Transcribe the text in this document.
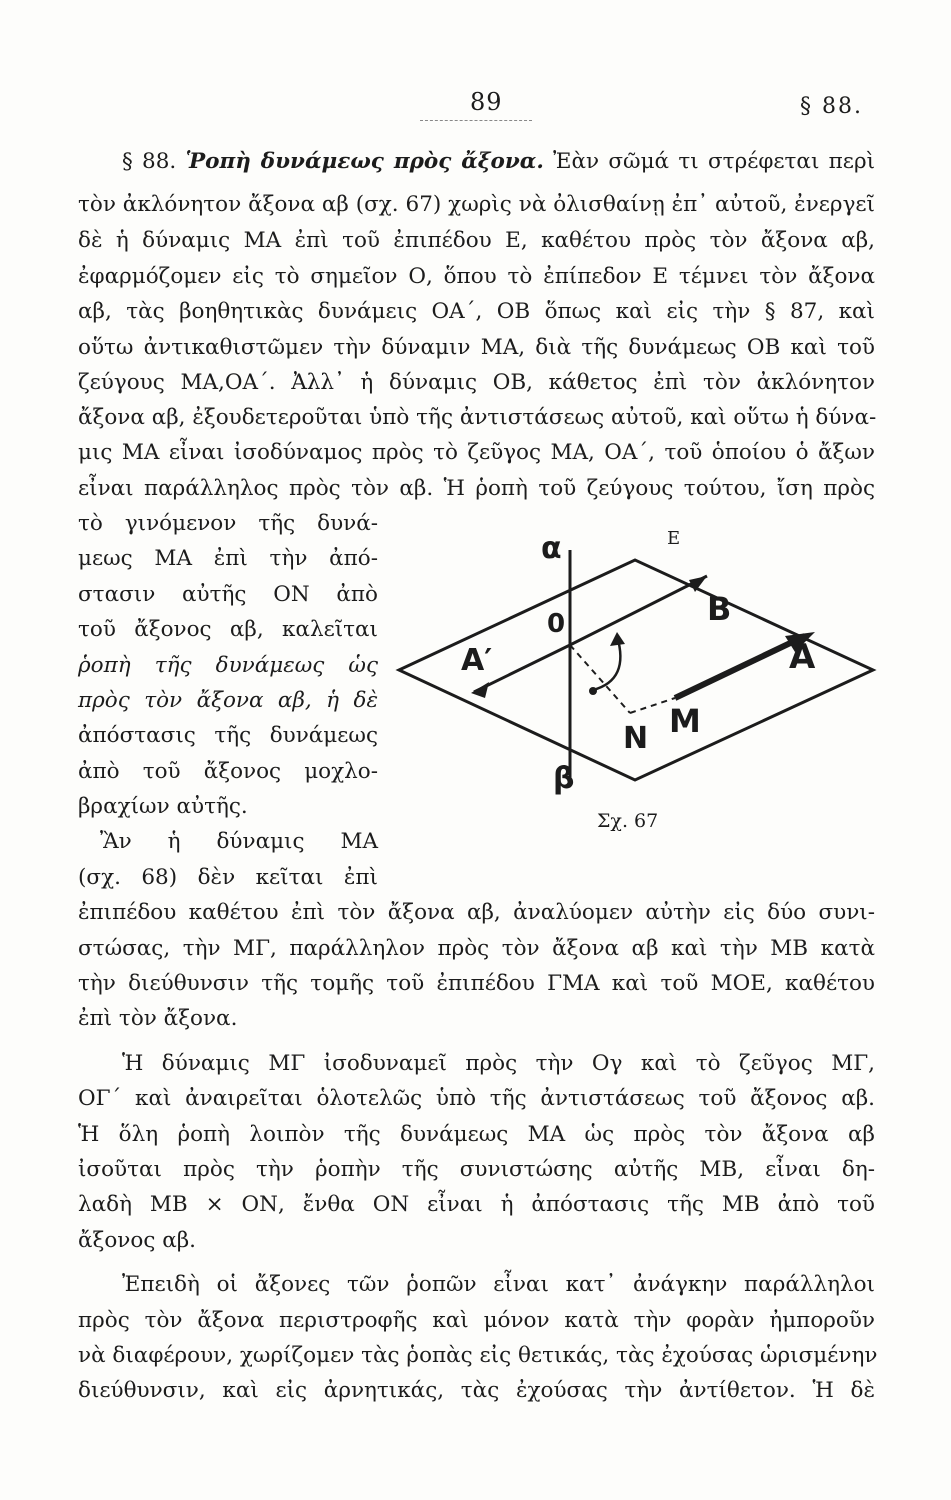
89	§ 88.
§ 88. Ῥοπὴ δυνάμεως πρὸς ἄξονα. Ἐὰν σῶμά τι στρέφεται περὶ
τὸν ἀκλόνητον ἄξονα αβ (σχ. 67) χωρὶς νὰ ὀλισθαίνῃ ἐπ᾽ αὐτοῦ, ἐνεργεῖ
δὲ ἡ δύναμις ΜΑ ἐπὶ τοῦ ἐπιπέδου Ε, καθέτου πρὸς τὸν ἄξονα αβ,
ἐφαρμόζομεν εἰς τὸ σημεῖον Ο, ὅπου τὸ ἐπίπεδον Ε τέμνει τὸν ἄξονα
αβ, τὰς βοηθητικὰς δυνάμεις ΟΑ΄, ΟΒ ὅπως καὶ εἰς τὴν § 87, καὶ
οὕτω ἀντικαθιστῶμεν τὴν δύναμιν ΜΑ, διὰ τῆς δυνάμεως ΟΒ καὶ τοῦ
ζεύγους ΜΑ,ΟΑ΄. Ἀλλ᾽ ἡ δύναμις ΟΒ, κάθετος ἐπὶ τὸν ἀκλόνητον
ἄξονα αβ, ἐξουδετεροῦται ὑπὸ τῆς ἀντιστάσεως αὐτοῦ, καὶ οὕτω ἡ δύνα-
μις ΜΑ εἶναι ἰσοδύναμος πρὸς τὸ ζεῦγος ΜΑ, ΟΑ΄, τοῦ ὁποίου ὁ ἄξων
εἶναι παράλληλος πρὸς τὸν αβ. Ἡ ῥοπὴ τοῦ ζεύγους τούτου, ἴση πρὸς
τὸ γινόμενον τῆς δυνά-
μεως ΜΑ ἐπὶ τὴν ἀπό-
στασιν αὐτῆς ΟΝ ἀπὸ
τοῦ ἄξονος αβ, καλεῖται
ῥοπὴ τῆς δυνάμεως ὡς
πρὸς τὸν ἄξονα αβ, ἡ δὲ
ἀπόστασις τῆς δυνάμεως
ἀπὸ τοῦ ἄξονος μοχλο-
βραχίων αὐτῆς.
Ἂν ἡ δύναμις ΜΑ
(σχ. 68) δὲν κεῖται ἐπὶ
α
β
Ε
0	B
A
A′
N M
Σχ. 67
ἐπιπέδου καθέτου ἐπὶ τὸν ἄξονα αβ, ἀναλύομεν αὐτὴν εἰς δύο συνι-
στώσας, τὴν ΜΓ, παράλληλον πρὸς τὸν ἄξονα αβ καὶ τὴν ΜΒ κατὰ
τὴν διεύθυνσιν τῆς τομῆς τοῦ ἐπιπέδου ΓΜΑ καὶ τοῦ ΜΟΕ, καθέτου
ἐπὶ τὸν ἄξονα.
Ἡ δύναμις ΜΓ ἰσοδυναμεῖ πρὸς τὴν Ογ καὶ τὸ ζεῦγος ΜΓ,
ΟΓ΄ καὶ ἀναιρεῖται ὁλοτελῶς ὑπὸ τῆς ἀντιστάσεως τοῦ ἄξονος αβ.
Ἡ ὅλη ῥοπὴ λοιπὸν τῆς δυνάμεως ΜΑ ὡς πρὸς τὸν ἄξονα αβ
ἰσοῦται πρὸς τὴν ῥοπὴν τῆς συνιστώσης αὐτῆς ΜΒ, εἶναι δη-
λαδὴ ΜΒ × ΟΝ, ἔνθα ΟΝ εἶναι ἡ ἀπόστασις τῆς ΜΒ ἀπὸ τοῦ
ἄξονος αβ.
Ἐπειδὴ οἱ ἄξονες τῶν ῥοπῶν εἶναι κατ᾽ ἀνάγκην παράλληλοι
πρὸς τὸν ἄξονα περιστροφῆς καὶ μόνον κατὰ τὴν φορὰν ἠμποροῦν
νὰ διαφέρουν, χωρίζομεν τὰς ῥοπὰς εἰς θετικάς, τὰς ἐχούσας ὡρισμένην
διεύθυνσιν, καὶ εἰς ἀρνητικάς, τὰς ἐχούσας τὴν ἀντίθετον. Ἡ δὲ
